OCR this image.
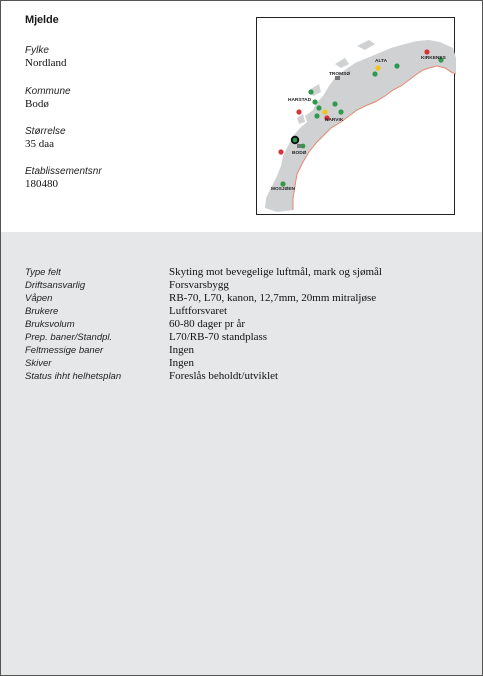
Mjelde
Fylke
Nordland
Kommune
Bodø
Størrelse
35 daa
Etablissementsnr
180480
TROMSØ
ALTA
KIRKENES
HARSTAD
NARVIK
BODØ
MOSJØEN
Type felt	Skyting mot bevegelige luftmål, mark og sjømål
Driftsansvarlig	Forsvarsbygg
Våpen	RB-70, L70, kanon, 12,7mm, 20mm mitraljøse
Brukere	Luftforsvaret
Bruksvolum	60-80 dager pr år
Prep. baner/Standpl.	L70/RB-70 standplass
Feltmessige baner	Ingen
Skiver	Ingen
Status ihht helhetsplan	Foreslås beholdt/utviklet
